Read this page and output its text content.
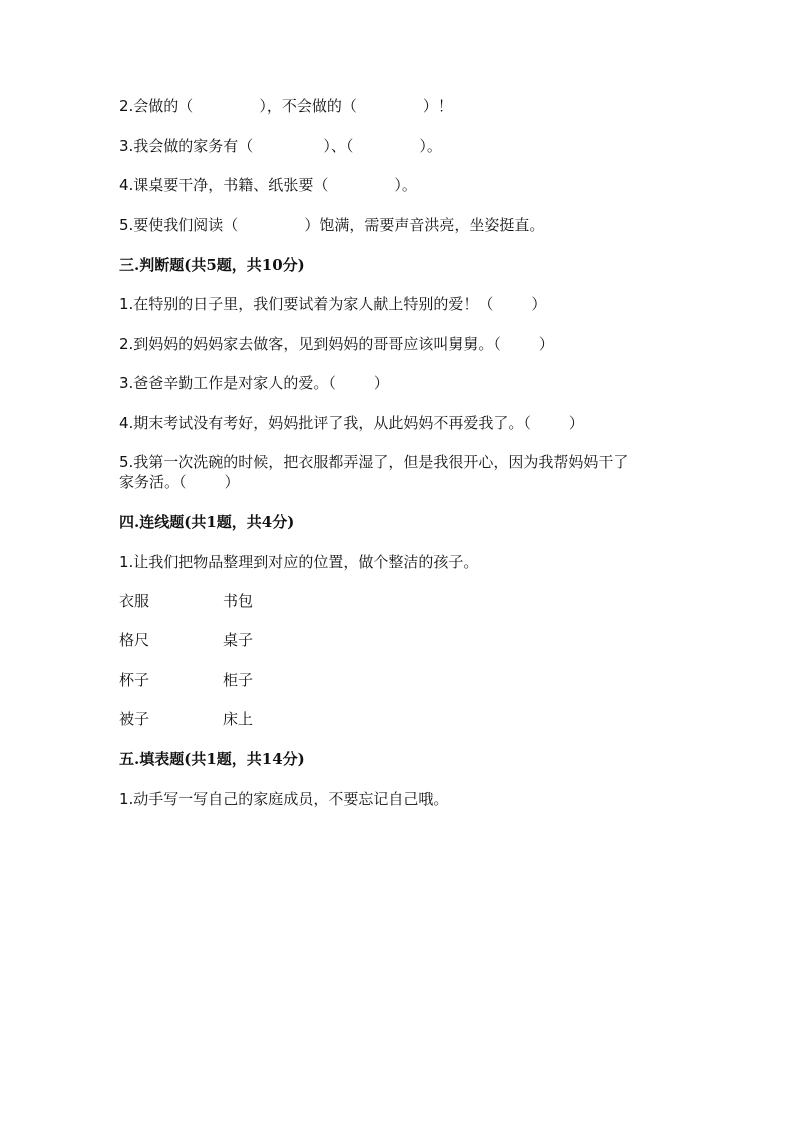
2.会做的（	），不会做的（	）！
3.我会做的家务有（	）、（	）。
4.课桌要干净，书籍、纸张要（	）。
5.要使我们阅读（	）饱满，需要声音洪亮，坐姿挺直。
三.判断题(共5题，共10分)
1.在特别的日子里，我们要试着为家人献上特别的爱！（	）
2.到妈妈的妈妈家去做客，见到妈妈的哥哥应该叫舅舅。（	）
3.爸爸辛勤工作是对家人的爱。（	）
4.期末考试没有考好，妈妈批评了我，从此妈妈不再爱我了。（	）
5.我第一次洗碗的时候，把衣服都弄湿了，但是我很开心，因为我帮妈妈干了
家务活。（	）
四.连线题(共1题，共4分)
1.让我们把物品整理到对应的位置，做个整洁的孩子。
衣服	书包
格尺	桌子
杯子	柜子
被子	床上
五.填表题(共1题，共14分)
1.动手写一写自己的家庭成员，不要忘记自己哦。
